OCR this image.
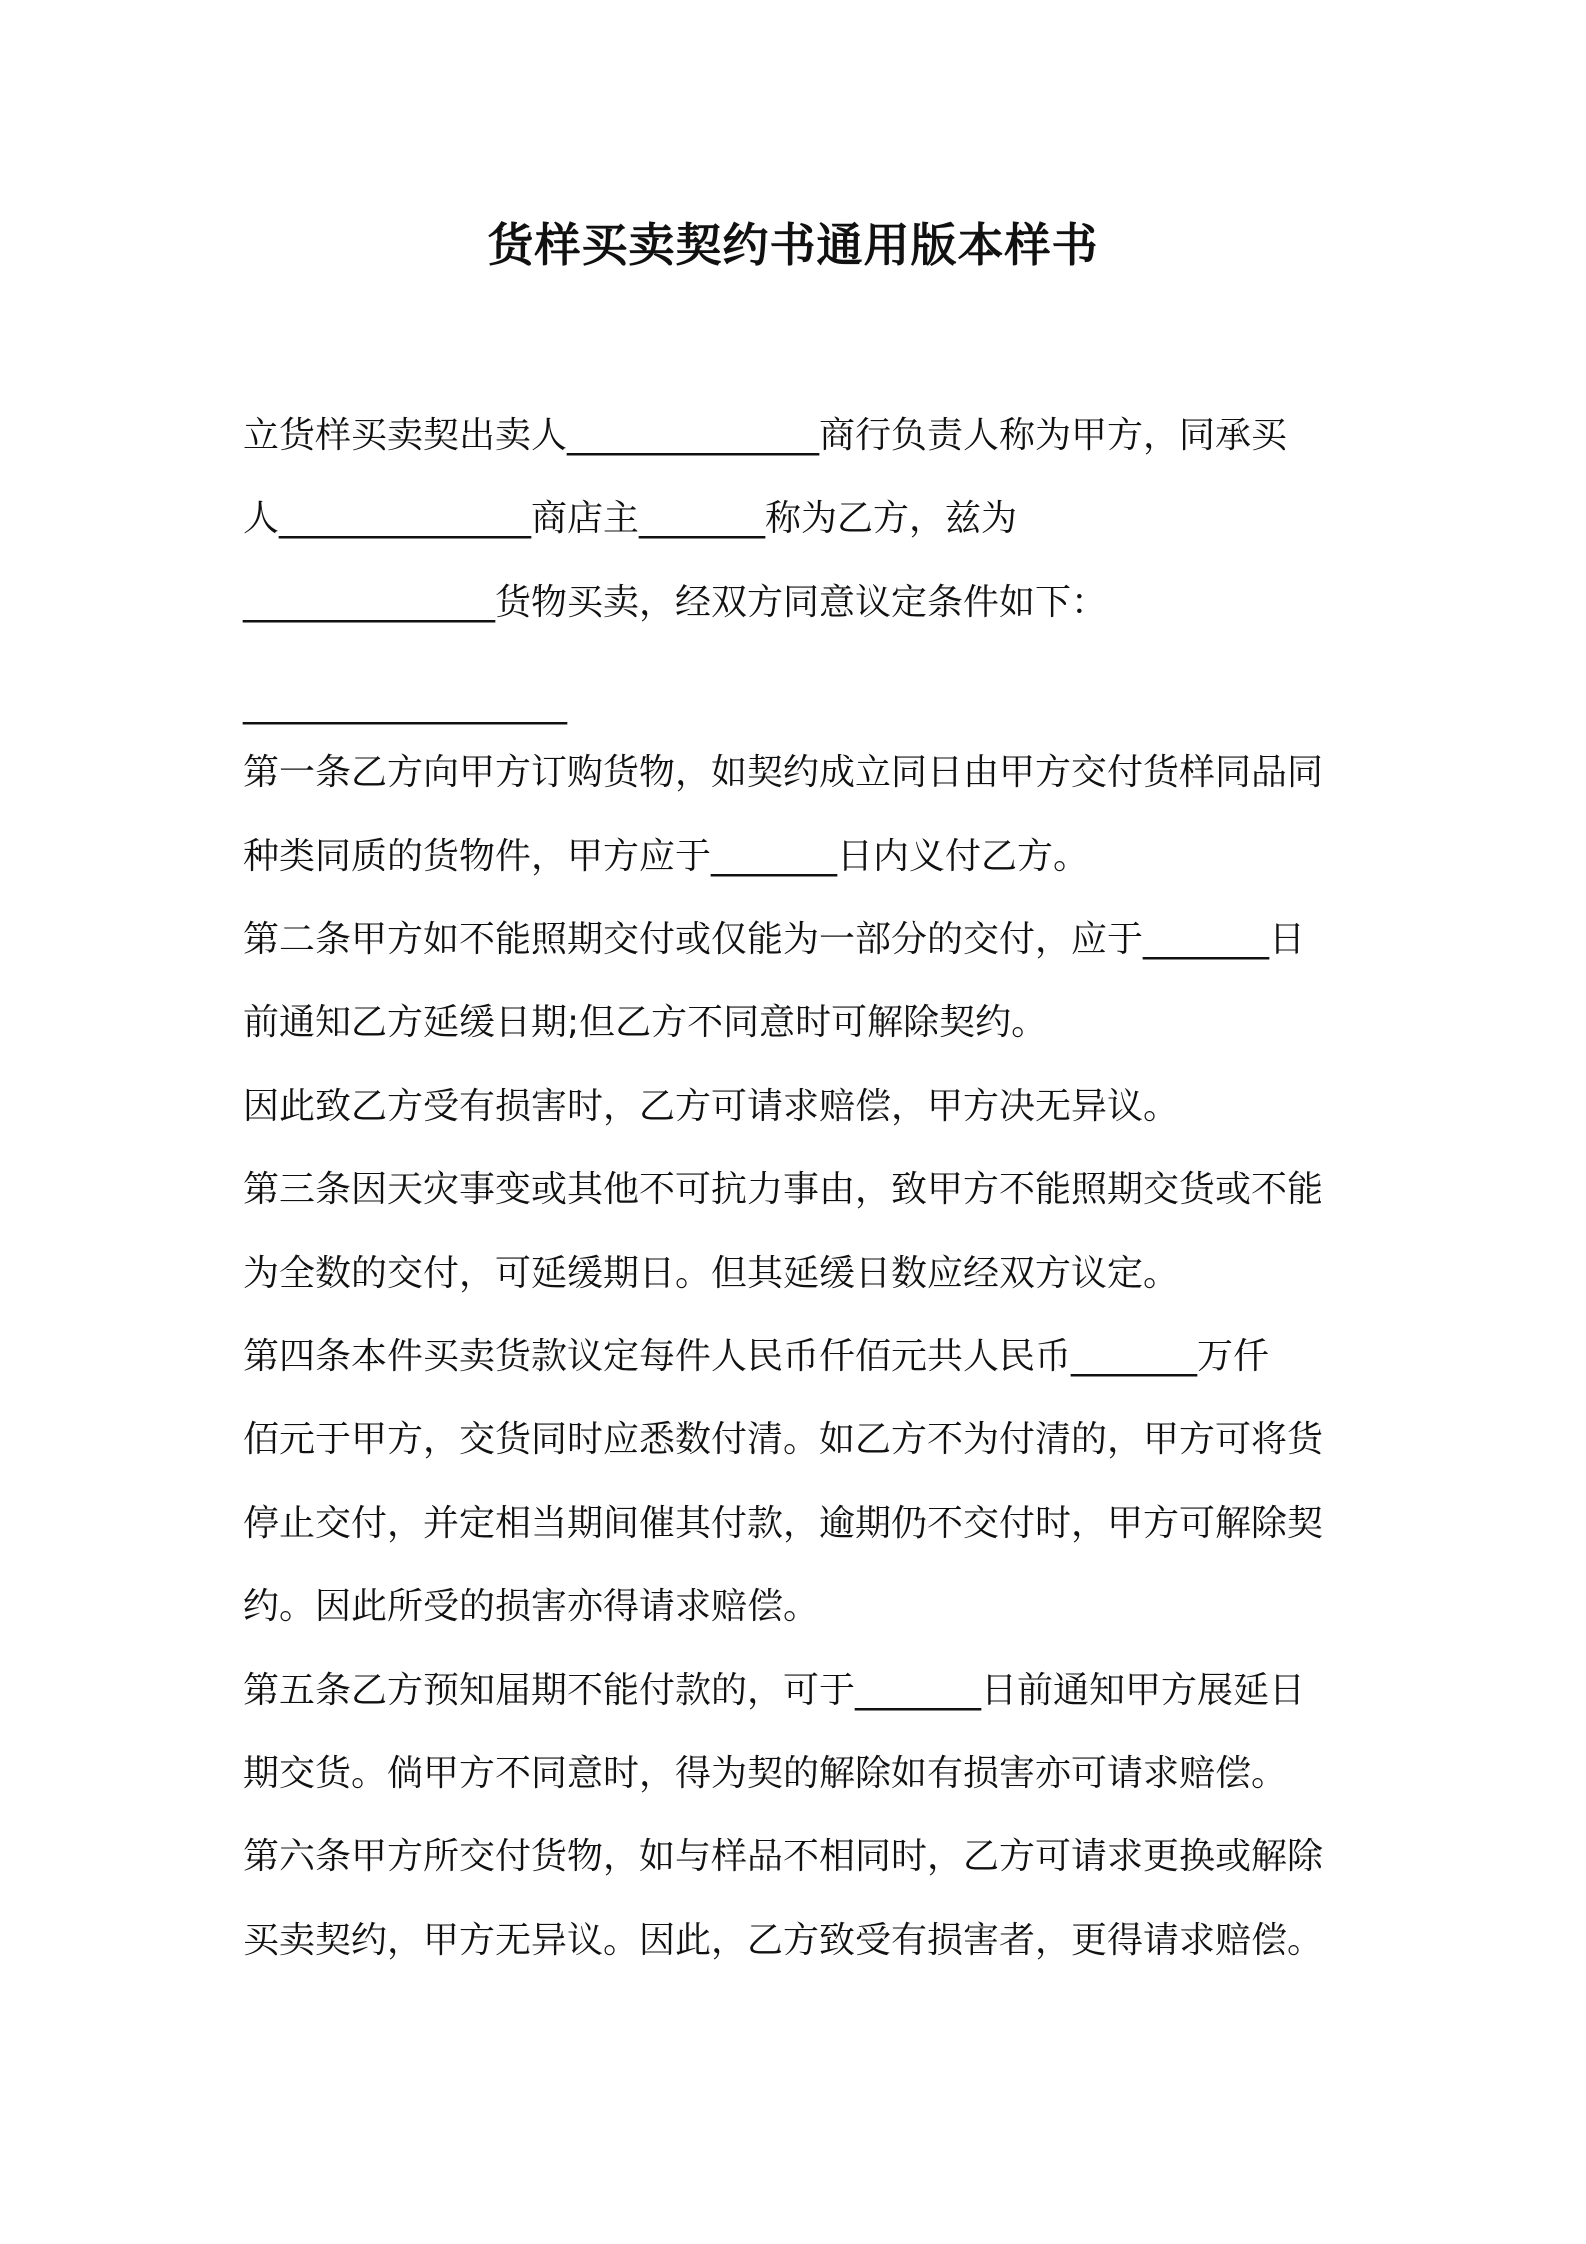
货样买卖契约书通用版本样书
立货样买卖契出卖人______________商行负责人称为甲方，同承买
人______________商店主_______称为乙方，兹为
______________货物买卖，经双方同意议定条件如下：
__________________
第一条乙方向甲方订购货物，如契约成立同日由甲方交付货样同品同
种类同质的货物件，甲方应于_______日内义付乙方。
第二条甲方如不能照期交付或仅能为一部分的交付，应于_______日
前通知乙方延缓日期;但乙方不同意时可解除契约。
因此致乙方受有损害时，乙方可请求赔偿，甲方决无异议。
第三条因天灾事变或其他不可抗力事由，致甲方不能照期交货或不能
为全数的交付，可延缓期日。但其延缓日数应经双方议定。
第四条本件买卖货款议定每件人民币仟佰元共人民币_______万仟
佰元于甲方，交货同时应悉数付清。如乙方不为付清的，甲方可将货
停止交付，并定相当期间催其付款，逾期仍不交付时，甲方可解除契
约。因此所受的损害亦得请求赔偿。
第五条乙方预知届期不能付款的，可于_______日前通知甲方展延日
期交货。倘甲方不同意时，得为契的解除如有损害亦可请求赔偿。
第六条甲方所交付货物，如与样品不相同时，乙方可请求更换或解除
买卖契约，甲方无异议。因此，乙方致受有损害者，更得请求赔偿。
